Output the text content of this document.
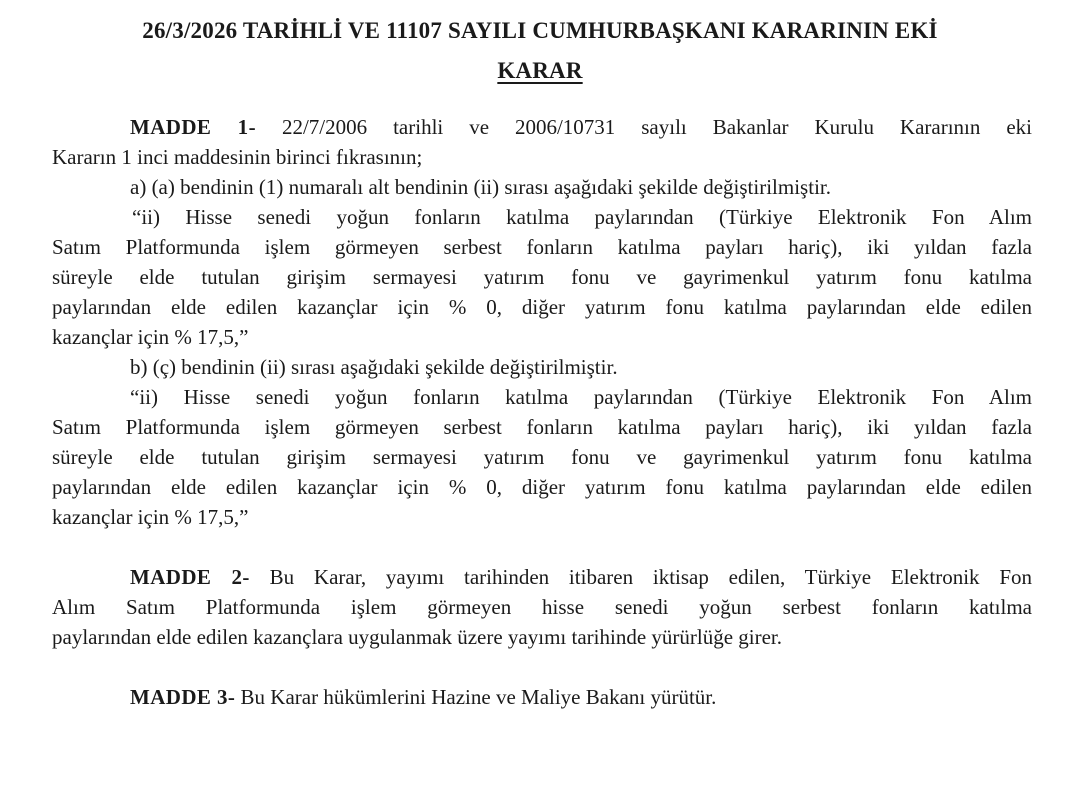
26/3/2026 TARİHLİ VE 11107 SAYILI CUMHURBAŞKANI KARARININ EKİ
KARAR
MADDE 1- 22/7/2006 tarihli ve 2006/10731 sayılı Bakanlar Kurulu Kararının eki
Kararın 1 inci maddesinin birinci fıkrasının;
a) (a) bendinin (1) numaralı alt bendinin (ii) sırası aşağıdaki şekilde değiştirilmiştir.
“ii) Hisse senedi yoğun fonların katılma paylarından (Türkiye Elektronik Fon Alım
Satım Platformunda işlem görmeyen serbest fonların katılma payları hariç), iki yıldan fazla
süreyle elde tutulan girişim sermayesi yatırım fonu ve gayrimenkul yatırım fonu katılma
paylarından elde edilen kazançlar için % 0, diğer yatırım fonu katılma paylarından elde edilen
kazançlar için % 17,5,”
b) (ç) bendinin (ii) sırası aşağıdaki şekilde değiştirilmiştir.
“ii) Hisse senedi yoğun fonların katılma paylarından (Türkiye Elektronik Fon Alım
Satım Platformunda işlem görmeyen serbest fonların katılma payları hariç), iki yıldan fazla
süreyle elde tutulan girişim sermayesi yatırım fonu ve gayrimenkul yatırım fonu katılma
paylarından elde edilen kazançlar için % 0, diğer yatırım fonu katılma paylarından elde edilen
kazançlar için % 17,5,”
MADDE 2- Bu Karar, yayımı tarihinden itibaren iktisap edilen, Türkiye Elektronik Fon
Alım Satım Platformunda işlem görmeyen hisse senedi yoğun serbest fonların katılma
paylarından elde edilen kazançlara uygulanmak üzere yayımı tarihinde yürürlüğe girer.
MADDE 3- Bu Karar hükümlerini Hazine ve Maliye Bakanı yürütür.
